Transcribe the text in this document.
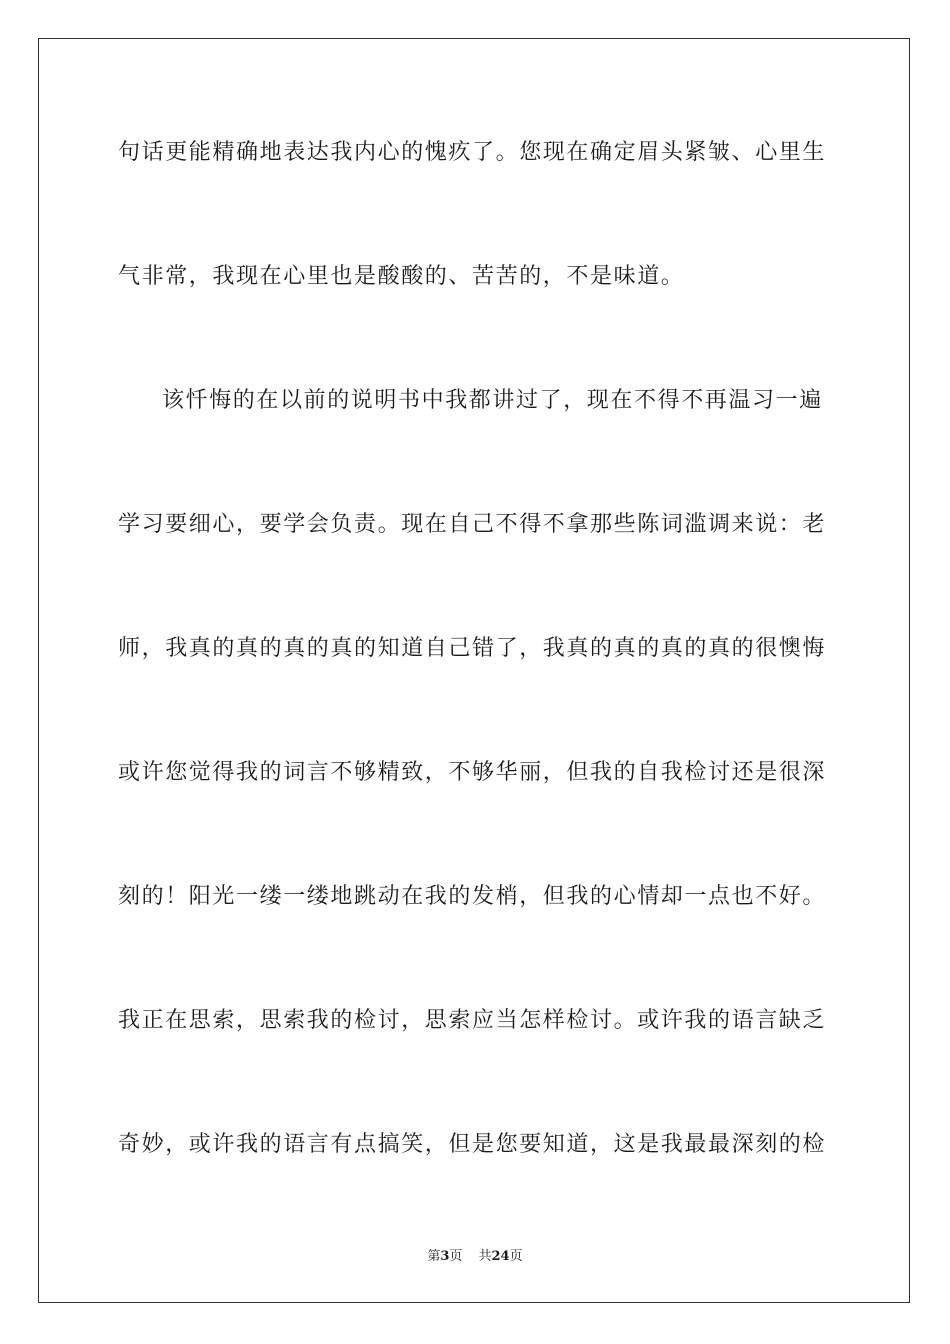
句话更能精确地表达我内心的愧疚了。您现在确定眉头紧皱、心里生
气非常，我现在心里也是酸酸的、苦苦的，不是味道。
该忏悔的在以前的说明书中我都讲过了，现在不得不再温习一遍
学习要细心，要学会负责。现在自己不得不拿那些陈词滥调来说：老
师，我真的真的真的真的知道自己错了，我真的真的真的真的很懊悔
或许您觉得我的词言不够精致，不够华丽，但我的自我检讨还是很深
刻的！阳光一缕一缕地跳动在我的发梢，但我的心情却一点也不好。
我正在思索，思索我的检讨，思索应当怎样检讨。或许我的语言缺乏
奇妙，或许我的语言有点搞笑，但是您要知道，这是我最最深刻的检
第3页 共24页
